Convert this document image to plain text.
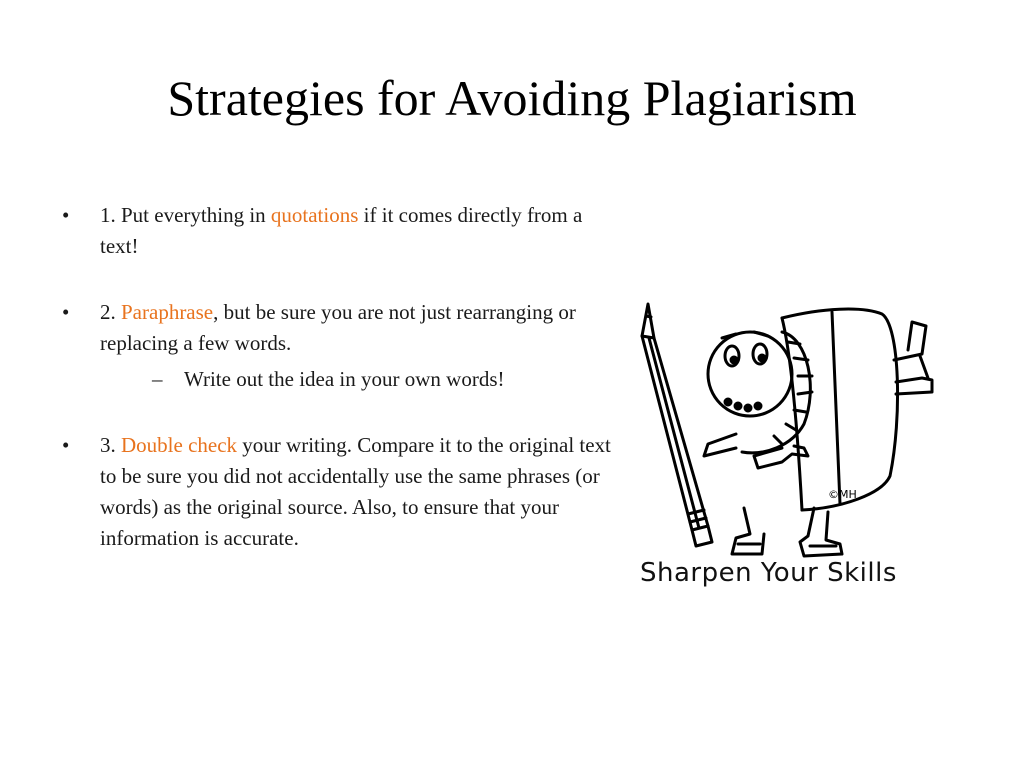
Strategies for Avoiding Plagiarism
• 1. Put everything in quotations if it comes directly from a text!
• 2. Paraphrase, but be sure you are not just rearranging or replacing a few words.
– Write out the idea in your own words!
• 3. Double check your writing. Compare it to the original text to be sure you did not accidentally use the same phrases (or words) as the original source. Also, to ensure that your information is accurate.
©MH
Sharpen Your Skills
